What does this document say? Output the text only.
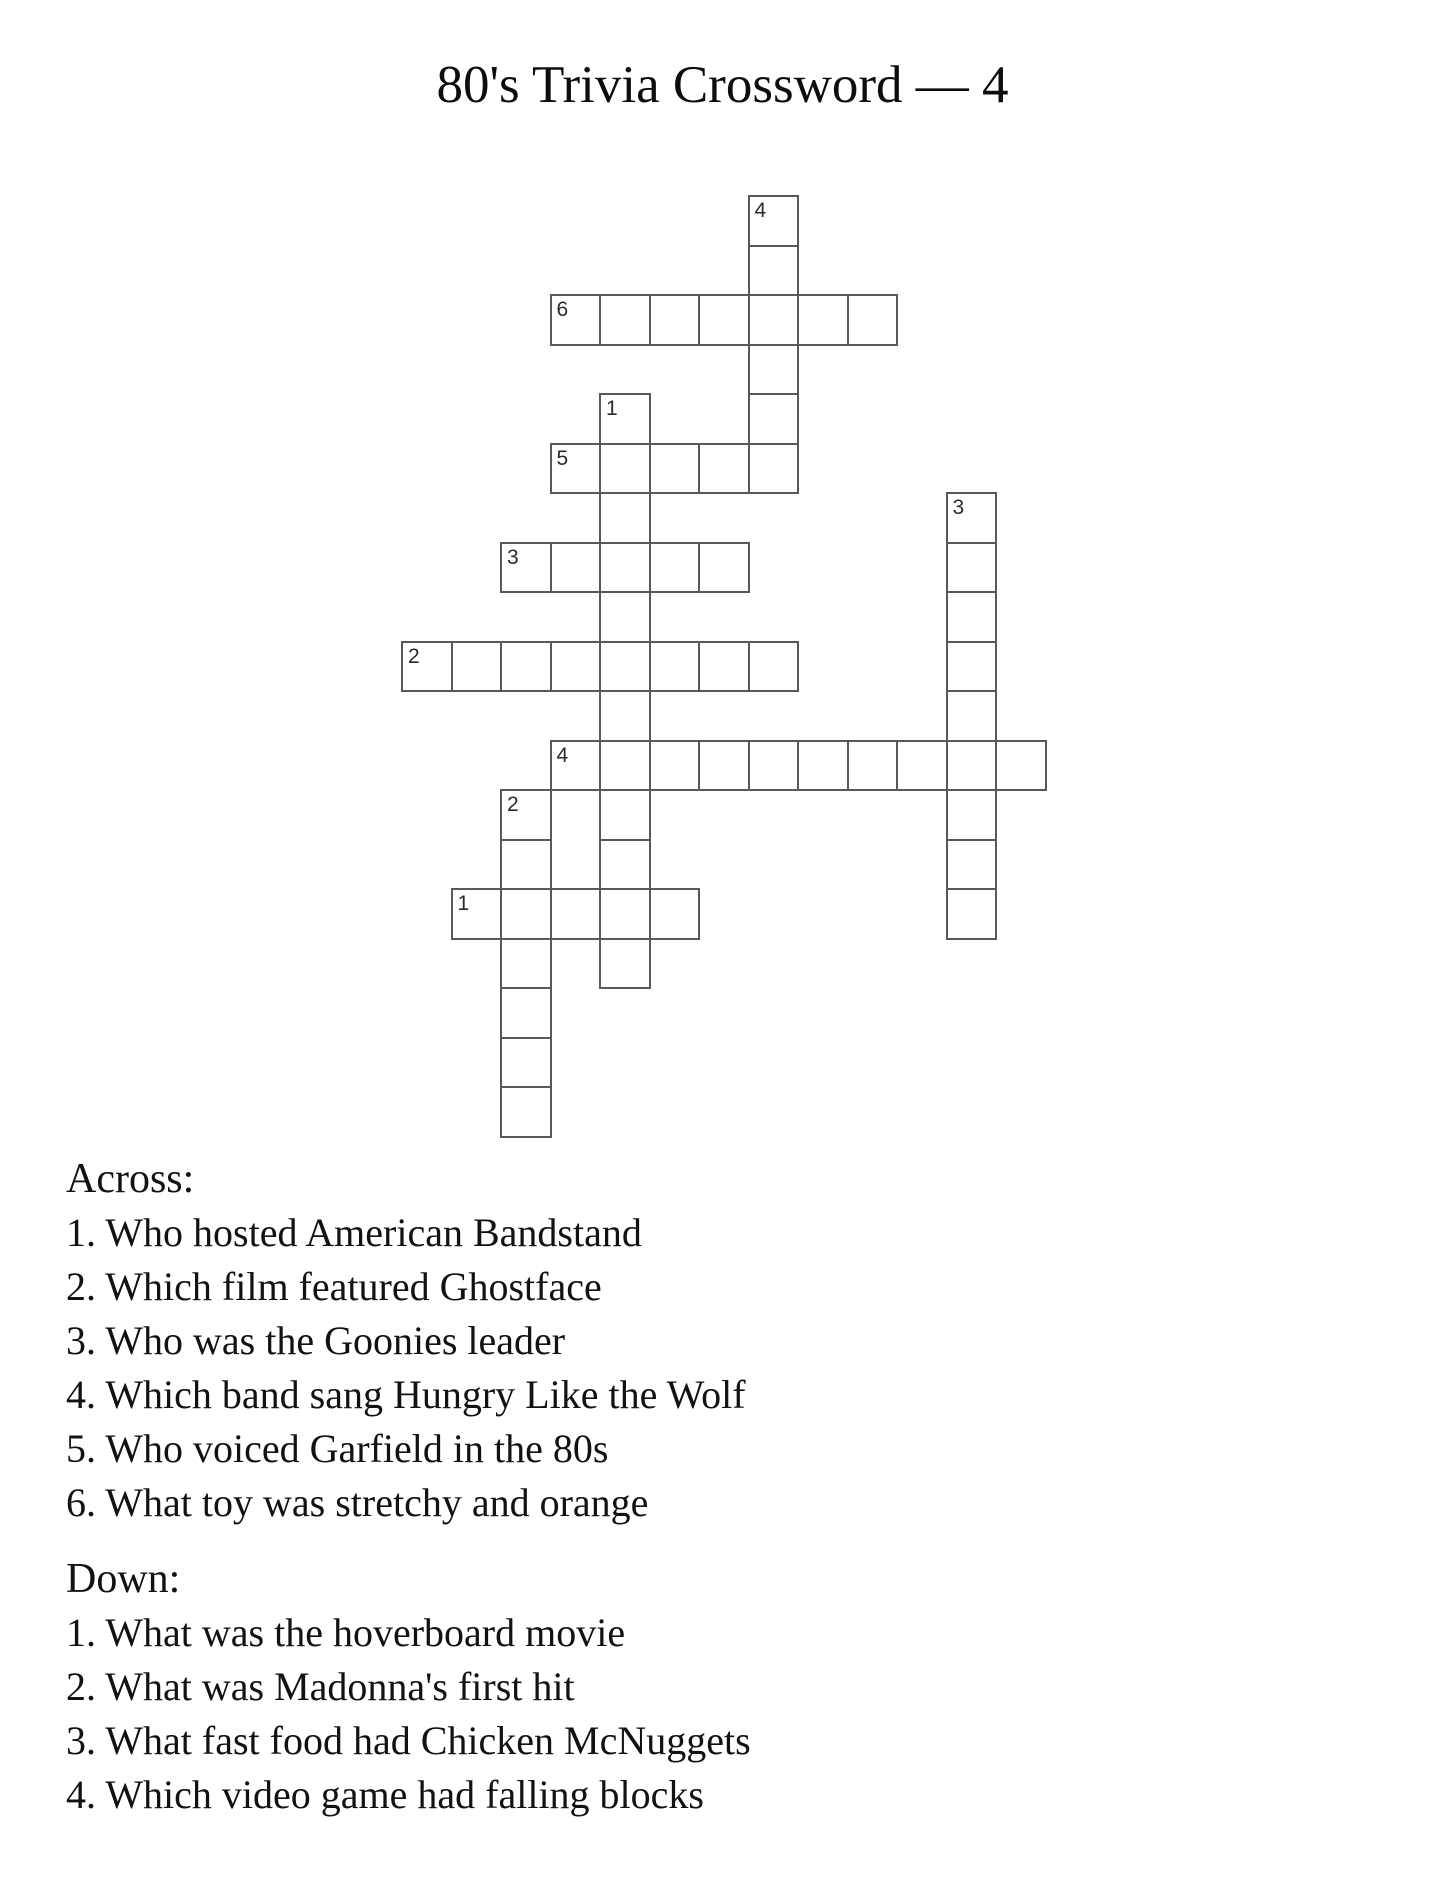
80's Trivia Crossword — 4
4
6
1
5
3
3
2
4
2
1
Across:
1. Who hosted American Bandstand
2. Which film featured Ghostface
3. Who was the Goonies leader
4. Which band sang Hungry Like the Wolf
5. Who voiced Garfield in the 80s
6. What toy was stretchy and orange
Down:
1. What was the hoverboard movie
2. What was Madonna's first hit
3. What fast food had Chicken McNuggets
4. Which video game had falling blocks
